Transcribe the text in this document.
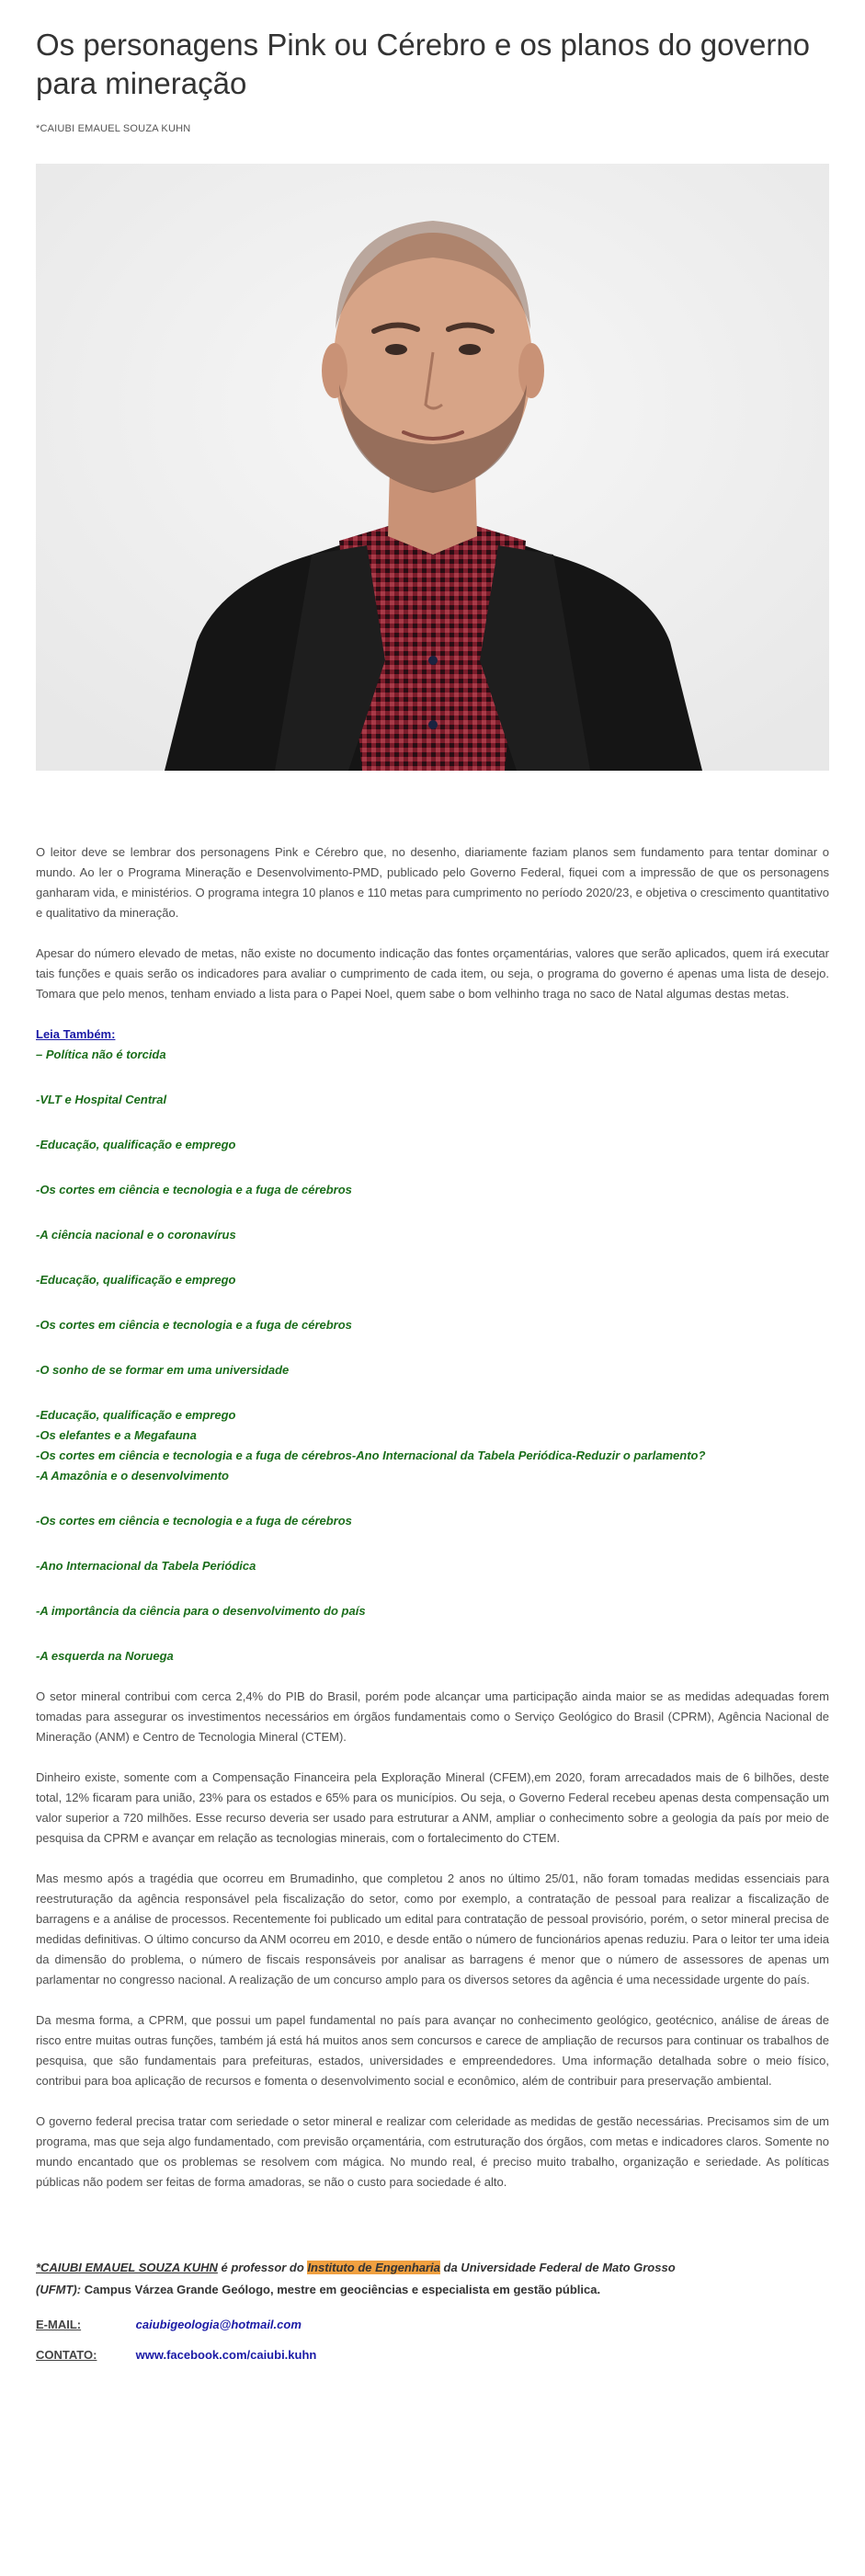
Os personagens Pink ou Cérebro e os planos do governo para mineração
*CAIUBI EMAUEL SOUZA KUHN

O leitor deve se lembrar dos personagens Pink e Cérebro que, no desenho, diariamente faziam planos sem fundamento para tentar dominar o mundo. Ao ler o Programa Mineração e Desenvolvimento-PMD, publicado pelo Governo Federal, fiquei com a impressão de que os personagens ganharam vida, e ministérios. O programa integra 10 planos e 110 metas para cumprimento no período 2020/23, e objetiva o crescimento quantitativo e qualitativo da mineração.

Apesar do número elevado de metas, não existe no documento indicação das fontes orçamentárias, valores que serão aplicados, quem irá executar tais funções e quais serão os indicadores para avaliar o cumprimento de cada item, ou seja, o programa do governo é apenas uma lista de desejo. Tomara que pelo menos, tenham enviado a lista para o Papei Noel, quem sabe o bom velhinho traga no saco de Natal algumas destas metas.

Leia Também:
– Política não é torcida
-VLT e Hospital Central
-Educação, qualificação e emprego
-Os cortes em ciência e tecnologia e a fuga de cérebros
-A ciência nacional e o coronavírus
-Educação, qualificação e emprego
-Os cortes em ciência e tecnologia e a fuga de cérebros
-O sonho de se formar em uma universidade
-Educação, qualificação e emprego
-Os elefantes e a Megafauna
-Os cortes em ciência e tecnologia e a fuga de cérebros-Ano Internacional da Tabela Periódica-Reduzir o parlamento?
-A Amazônia e o desenvolvimento
-Os cortes em ciência e tecnologia e a fuga de cérebros
-Ano Internacional da Tabela Periódica
-A importância da ciência para o desenvolvimento do país
-A esquerda na Noruega

O setor mineral contribui com cerca 2,4% do PIB do Brasil, porém pode alcançar uma participação ainda maior se as medidas adequadas forem tomadas para assegurar os investimentos necessários em órgãos fundamentais como o Serviço Geológico do Brasil (CPRM), Agência Nacional de Mineração (ANM) e Centro de Tecnologia Mineral (CTEM).

Dinheiro existe, somente com a Compensação Financeira pela Exploração Mineral (CFEM),em 2020, foram arrecadados mais de 6 bilhões, deste total, 12% ficaram para união, 23% para os estados e 65% para os municípios. Ou seja, o Governo Federal recebeu apenas desta compensação um valor superior a 720 milhões. Esse recurso deveria ser usado para estruturar a ANM, ampliar o conhecimento sobre a geologia da país por meio de pesquisa da CPRM e avançar em relação as tecnologias minerais, com o fortalecimento do CTEM.

Mas mesmo após a tragédia que ocorreu em Brumadinho, que completou 2 anos no último 25/01, não foram tomadas medidas essenciais para reestruturação da agência responsável pela fiscalização do setor, como por exemplo, a contratação de pessoal para realizar a fiscalização de barragens e a análise de processos. Recentemente foi publicado um edital para contratação de pessoal provisório, porém, o setor mineral precisa de medidas definitivas. O último concurso da ANM ocorreu em 2010, e desde então o número de funcionários apenas reduziu. Para o leitor ter uma ideia da dimensão do problema, o número de fiscais responsáveis por analisar as barragens é menor que o número de assessores de apenas um parlamentar no congresso nacional. A realização de um concurso amplo para os diversos setores da agência é uma necessidade urgente do país.

Da mesma forma, a CPRM, que possui um papel fundamental no país para avançar no conhecimento geológico, geotécnico, análise de áreas de risco entre muitas outras funções, também já está há muitos anos sem concursos e carece de ampliação de recursos para continuar os trabalhos de pesquisa, que são fundamentais para prefeituras, estados, universidades e empreendedores. Uma informação detalhada sobre o meio físico, contribui para boa aplicação de recursos e fomenta o desenvolvimento social e econômico, além de contribuir para preservação ambiental.

O governo federal precisa tratar com seriedade o setor mineral e realizar com celeridade as medidas de gestão necessárias. Precisamos sim de um programa, mas que seja algo fundamentado, com previsão orçamentária, com estruturação dos órgãos, com metas e indicadores claros. Somente no mundo encantado que os problemas se resolvem com mágica. No mundo real, é preciso muito trabalho, organização e seriedade. As políticas públicas não podem ser feitas de forma amadoras, se não o custo para sociedade é alto.

*CAIUBI EMAUEL SOUZA KUHN é professor do Instituto de Engenharia da Universidade Federal de Mato Grosso
(UFMT): Campus Várzea Grande Geólogo, mestre em geociências e especialista em gestão pública.
E-MAIL:	caiubigeologia@hotmail.com
CONTATO:	www.facebook.com/caiubi.kuhn
